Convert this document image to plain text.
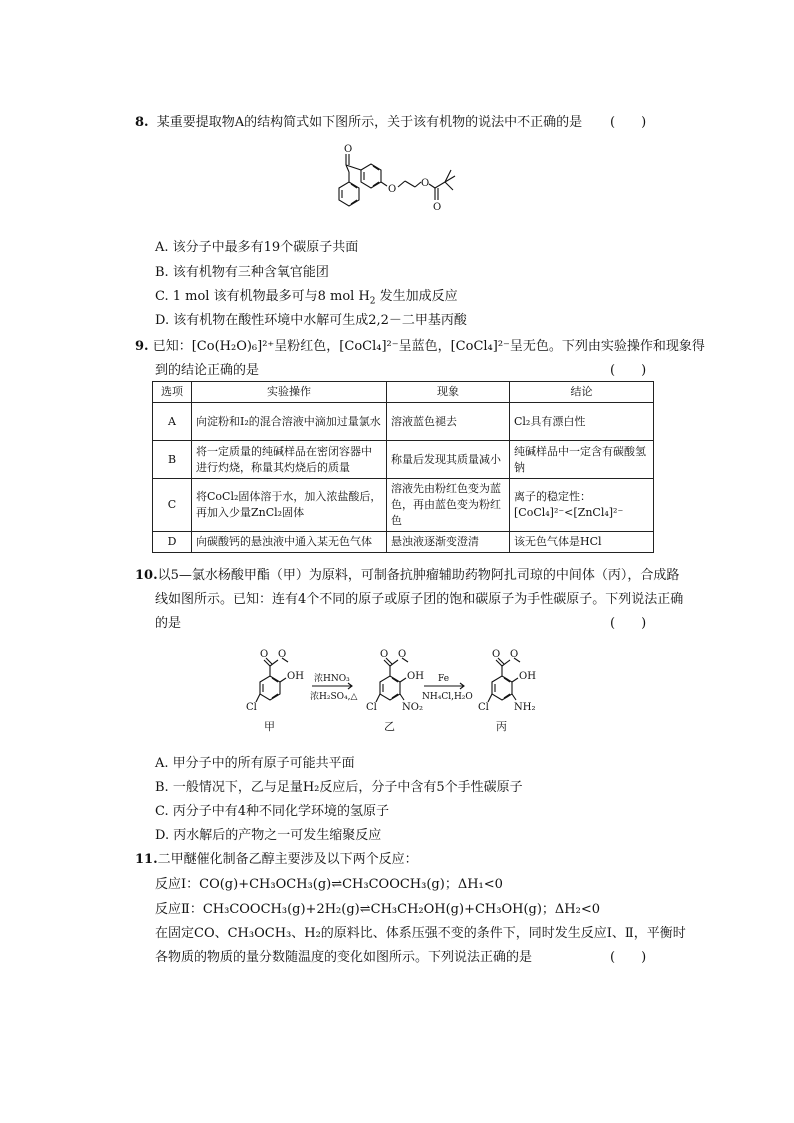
8. 某重要提取物A的结构简式如下图所示，关于该有机物的说法中不正确的是 (　　)
O
O
O
O
A. 该分子中最多有19个碳原子共面
B. 该有机物有三种含氧官能团
C. 1 mol 该有机物最多可与8 mol $H_2$ 发生加成反应
D. 该有机物在酸性环境中水解可生成2,2－二甲基丙酸
9. 已知：[Co(H₂O)₆]²⁺呈粉红色，[CoCl₄]²⁻呈蓝色，[CoCl₄]²⁻呈无色。下列由实验操作和现象得
到的结论正确的是	(　　)
选项	实验操作	现象	结论
A	向淀粉和I₂的混合溶液中滴加过量氯水	溶液蓝色褪去	Cl₂具有漂白性
B	将一定质量的纯碱样品在密闭容器中进行灼烧，称量其灼烧后的质量	称量后发现其质量减小	纯碱样品中一定含有碳酸氢钠
C	将CoCl₂固体溶于水，加入浓盐酸后，再加入少量ZnCl₂固体	溶液先由粉红色变为蓝色，再由蓝色变为粉红色	离子的稳定性：[CoCl₄]²⁻<[ZnCl₄]²⁻
D	向碳酸钙的悬浊液中通入某无色气体	悬浊液逐渐变澄清	该无色气体是HCl
10.以5—氯水杨酸甲酯（甲）为原料，可制备抗肿瘤辅助药物阿扎司琼的中间体（丙），合成路
线如图所示。已知：连有4个不同的原子或原子团的饱和碳原子为手性碳原子。下列说法正确
的是	(　　)
O O
OH
Cl
甲
浓HNO₃
浓H₂SO₄,△
O O
OH
Cl	NO₂
乙
Fe
NH₄Cl,H₂O
O O
OH
Cl	NH₂
丙
A. 甲分子中的所有原子可能共平面
B. 一般情况下，乙与足量H₂反应后，分子中含有5个手性碳原子
C. 丙分子中有4种不同化学环境的氢原子
D. 丙水解后的产物之一可发生缩聚反应
11.二甲醚催化制备乙醇主要涉及以下两个反应：
反应Ⅰ：CO(g)+CH₃OCH₃(g)⇌CH₃COOCH₃(g)；ΔH₁<0
反应Ⅱ：CH₃COOCH₃(g)+2H₂(g)⇌CH₃CH₂OH(g)+CH₃OH(g)；ΔH₂<0
在固定CO、CH₃OCH₃、H₂的原料比、体系压强不变的条件下，同时发生反应Ⅰ、Ⅱ，平衡时
各物质的物质的量分数随温度的变化如图所示。下列说法正确的是	(　　)
